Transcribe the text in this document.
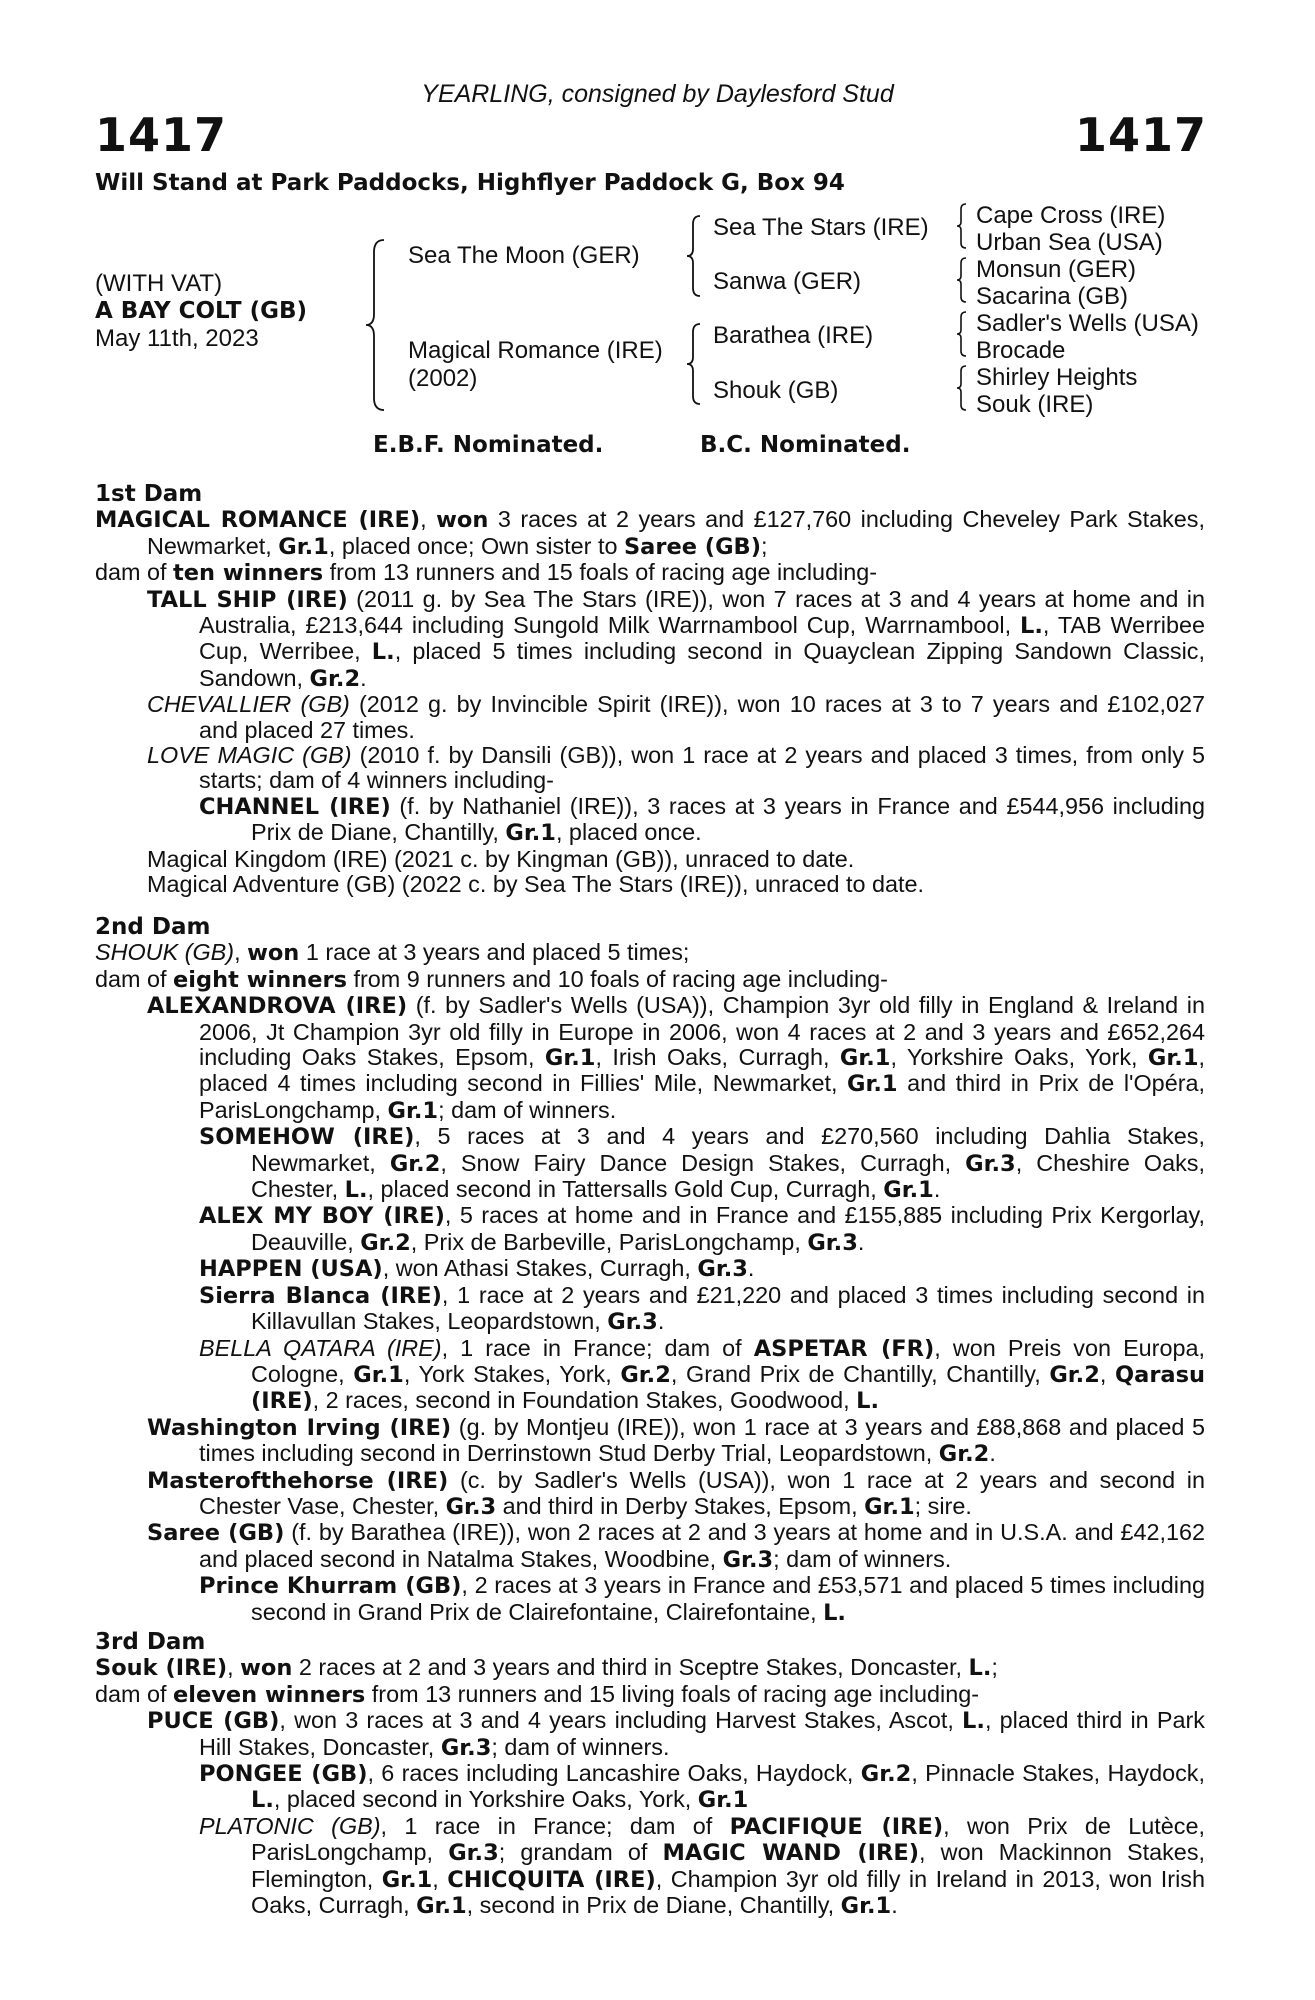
YEARLING, consigned by Daylesford Stud
1417	1417
Will Stand at Park Paddocks, Highflyer Paddock G, Box 94
(WITH VAT)
A BAY COLT (GB)
May 11th, 2023
Sea The Moon (GER)
Magical Romance (IRE)
(2002)
Sea The Stars (IRE)
Sanwa (GER)
Barathea (IRE)
Shouk (GB)
Cape Cross (IRE)
Urban Sea (USA)
Monsun (GER)
Sacarina (GB)
Sadler's Wells (USA)
Brocade
Shirley Heights
Souk (IRE)
E.B.F. Nominated.	B.C. Nominated.
1st Dam
MAGICAL ROMANCE (IRE), won 3 races at 2 years and £127,760 including Cheveley Park Stakes, Newmarket, Gr.1, placed once; Own sister to Saree (GB);
dam of ten winners from 13 runners and 15 foals of racing age including-
TALL SHIP (IRE) (2011 g. by Sea The Stars (IRE)), won 7 races at 3 and 4 years at home and in Australia, £213,644 including Sungold Milk Warrnambool Cup, Warrnambool, L., TAB Werribee Cup, Werribee, L., placed 5 times including second in Quayclean Zipping Sandown Classic, Sandown, Gr.2.
CHEVALLIER (GB) (2012 g. by Invincible Spirit (IRE)), won 10 races at 3 to 7 years and £102,027 and placed 27 times.
LOVE MAGIC (GB) (2010 f. by Dansili (GB)), won 1 race at 2 years and placed 3 times, from only 5 starts; dam of 4 winners including-
CHANNEL (IRE) (f. by Nathaniel (IRE)), 3 races at 3 years in France and £544,956 including Prix de Diane, Chantilly, Gr.1, placed once.
Magical Kingdom (IRE) (2021 c. by Kingman (GB)), unraced to date.
Magical Adventure (GB) (2022 c. by Sea The Stars (IRE)), unraced to date.
2nd Dam
SHOUK (GB), won 1 race at 3 years and placed 5 times;
dam of eight winners from 9 runners and 10 foals of racing age including-
ALEXANDROVA (IRE) (f. by Sadler's Wells (USA)), Champion 3yr old filly in England & Ireland in 2006, Jt Champion 3yr old filly in Europe in 2006, won 4 races at 2 and 3 years and £652,264 including Oaks Stakes, Epsom, Gr.1, Irish Oaks, Curragh, Gr.1, Yorkshire Oaks, York, Gr.1, placed 4 times including second in Fillies' Mile, Newmarket, Gr.1 and third in Prix de l'Opéra, ParisLongchamp, Gr.1; dam of winners.
SOMEHOW (IRE), 5 races at 3 and 4 years and £270,560 including Dahlia Stakes, Newmarket, Gr.2, Snow Fairy Dance Design Stakes, Curragh, Gr.3, Cheshire Oaks, Chester, L., placed second in Tattersalls Gold Cup, Curragh, Gr.1.
ALEX MY BOY (IRE), 5 races at home and in France and £155,885 including Prix Kergorlay, Deauville, Gr.2, Prix de Barbeville, ParisLongchamp, Gr.3.
HAPPEN (USA), won Athasi Stakes, Curragh, Gr.3.
Sierra Blanca (IRE), 1 race at 2 years and £21,220 and placed 3 times including second in Killavullan Stakes, Leopardstown, Gr.3.
BELLA QATARA (IRE), 1 race in France; dam of ASPETAR (FR), won Preis von Europa, Cologne, Gr.1, York Stakes, York, Gr.2, Grand Prix de Chantilly, Chantilly, Gr.2, Qarasu (IRE), 2 races, second in Foundation Stakes, Goodwood, L.
Washington Irving (IRE) (g. by Montjeu (IRE)), won 1 race at 3 years and £88,868 and placed 5 times including second in Derrinstown Stud Derby Trial, Leopardstown, Gr.2.
Masterofthehorse (IRE) (c. by Sadler's Wells (USA)), won 1 race at 2 years and second in Chester Vase, Chester, Gr.3 and third in Derby Stakes, Epsom, Gr.1; sire.
Saree (GB) (f. by Barathea (IRE)), won 2 races at 2 and 3 years at home and in U.S.A. and £42,162 and placed second in Natalma Stakes, Woodbine, Gr.3; dam of winners.
Prince Khurram (GB), 2 races at 3 years in France and £53,571 and placed 5 times including second in Grand Prix de Clairefontaine, Clairefontaine, L.
3rd Dam
Souk (IRE), won 2 races at 2 and 3 years and third in Sceptre Stakes, Doncaster, L.;
dam of eleven winners from 13 runners and 15 living foals of racing age including-
PUCE (GB), won 3 races at 3 and 4 years including Harvest Stakes, Ascot, L., placed third in Park Hill Stakes, Doncaster, Gr.3; dam of winners.
PONGEE (GB), 6 races including Lancashire Oaks, Haydock, Gr.2, Pinnacle Stakes, Haydock, L., placed second in Yorkshire Oaks, York, Gr.1
PLATONIC (GB), 1 race in France; dam of PACIFIQUE (IRE), won Prix de Lutèce, ParisLongchamp, Gr.3; grandam of MAGIC WAND (IRE), won Mackinnon Stakes, Flemington, Gr.1, CHICQUITA (IRE), Champion 3yr old filly in Ireland in 2013, won Irish Oaks, Curragh, Gr.1, second in Prix de Diane, Chantilly, Gr.1.
